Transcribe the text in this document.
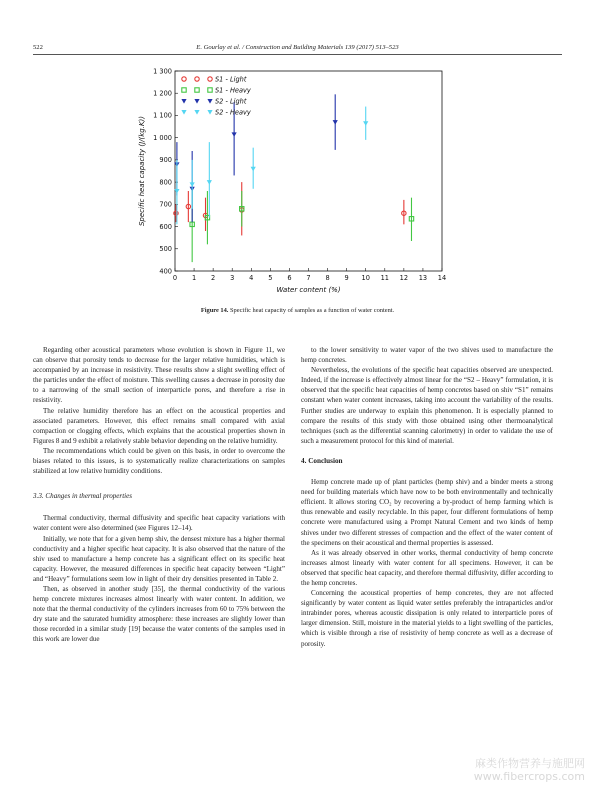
522	E. Gourlay et al. / Construction and Building Materials 139 (2017) 513–523
0 1 2 3 4 5 6 7 8 9 10 11 12 13 14
400
500
600
700
800
900
1 000
1 100
1 200
1 300
S1 - Light
S1 - Heavy
S2 - Light
S2 - Heavy
Specific heat capacity (J/(kg.K))
Water content (%)
Figure 14. Specific heat capacity of samples as a function of water content.

Regarding other acoustical parameters whose evolution is shown in Figure 11, we can observe that porosity tends to decrease for the larger relative humidities, which is accompanied by an increase in resistivity. These results show a slight swelling effect of the particles under the effect of moisture. This swelling causes a decrease in porosity due to a narrowing of the small section of interparticle pores, and therefore a rise in resistivity.

The relative humidity therefore has an effect on the acoustical properties and associated parameters. However, this effect remains small compared with axial compaction or clogging effects, which explains that the acoustical properties shown in Figures 8 and 9 exhibit a relatively stable behavior depending on the relative humidity.

The recommendations which could be given on this basis, in order to overcome the biases related to this issues, is to systematically realize characterizations on samples stabilized at low relative humidity conditions.

3.3. Changes in thermal properties

Thermal conductivity, thermal diffusivity and specific heat capacity variations with water content were also determined (see Figures 12–14).

Initially, we note that for a given hemp shiv, the densest mixture has a higher thermal conductivity and a higher specific heat capacity. It is also observed that the nature of the shiv used to manufacture a hemp concrete has a significant effect on its specific heat capacity. However, the measured differences in specific heat capacity between “Light” and “Heavy” formulations seem low in light of their dry densities presented in Table 2.

Then, as observed in another study [35], the thermal conductivity of the various hemp concrete mixtures increases almost linearly with water content. In addition, we note that the thermal conductivity of the cylinders increases from 60 to 75% between the dry state and the saturated humidity atmosphere: these increases are slightly lower than those recorded in a similar study [19] because the water contents of the samples used in this work are lower due

to the lower sensitivity to water vapor of the two shives used to manufacture the hemp concretes.

Nevertheless, the evolutions of the specific heat capacities observed are unexpected. Indeed, if the increase is effectively almost linear for the “S2 – Heavy” formulation, it is observed that the specific heat capacities of hemp concretes based on shiv “S1” remains constant when water content increases, taking into account the variability of the results. Further studies are underway to explain this phenomenon. It is especially planned to compare the results of this study with those obtained using other thermoanalytical techniques (such as the differential scanning calorimetry) in order to validate the use of such a measurement protocol for this kind of material.

4. Conclusion

Hemp concrete made up of plant particles (hemp shiv) and a binder meets a strong need for building materials which have now to be both environmentally and technically efficient. It allows storing CO₂ by recovering a by-product of hemp farming which is thus renewable and easily recyclable. In this paper, four different formulations of hemp concrete were manufactured using a Prompt Natural Cement and two kinds of hemp shives under two different stresses of compaction and the effect of the water content of the specimens on their acoustical and thermal properties is assessed.

As it was already observed in other works, thermal conductivity of hemp concrete increases almost linearly with water content for all specimens. However, it can be observed that specific heat capacity, and therefore thermal diffusivity, differ according to the hemp concretes.

Concerning the acoustical properties of hemp concretes, they are not affected significantly by water content as liquid water settles preferably the intraparticles and/or intrabinder pores, whereas acoustic dissipation is only related to interparticle pores of larger dimension. Still, moisture in the material yields to a light swelling of the particles, which is visible through a rise of resistivity of hemp concrete as well as a decrease of porosity.

麻类作物营养与施肥网
www.fibercrops.com
